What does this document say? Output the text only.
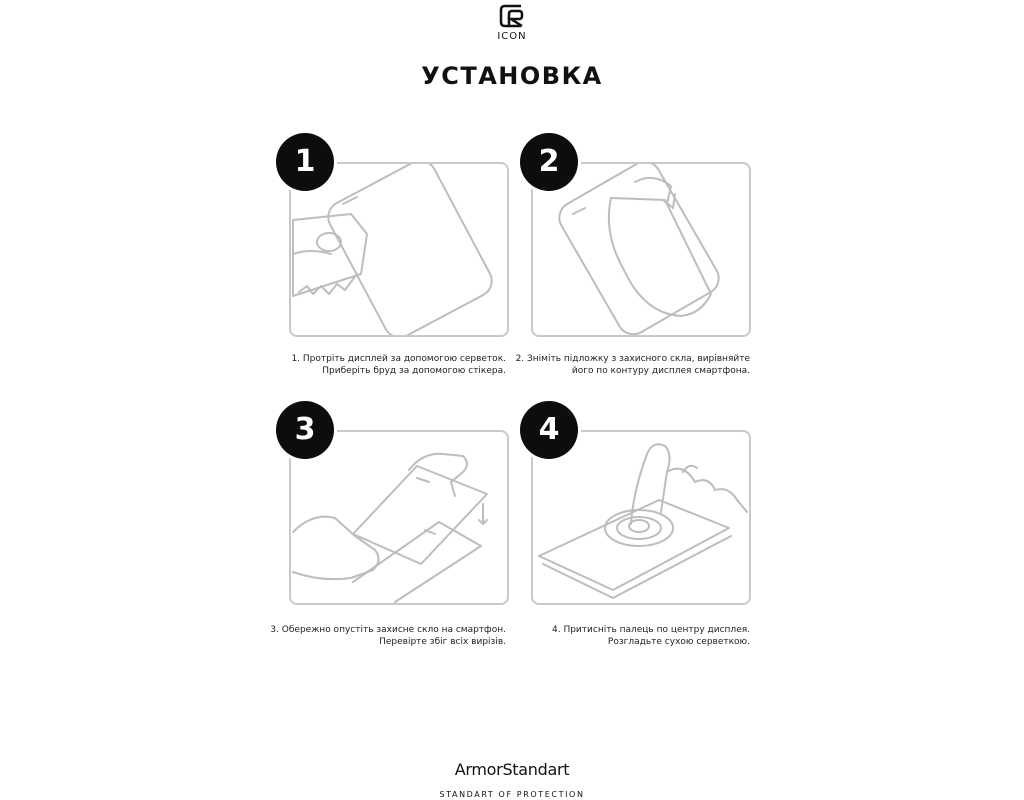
ICON
УСТАНОВКА
1
1. Протріть дисплей за допомогою серветок.
Приберіть бруд за допомогою стікера.
2
2. Зніміть підложку з захисного скла, вирівняйте
його по контуру дисплея смартфона.
3
3. Обережно опустіть захисне скло на смартфон.
Перевірте збіг всіх вирізів.
4
4. Притисніть палець по центру дисплея.
Розгладьте сухою серветкою.
ArmorStandart
STANDART OF PROTECTION
